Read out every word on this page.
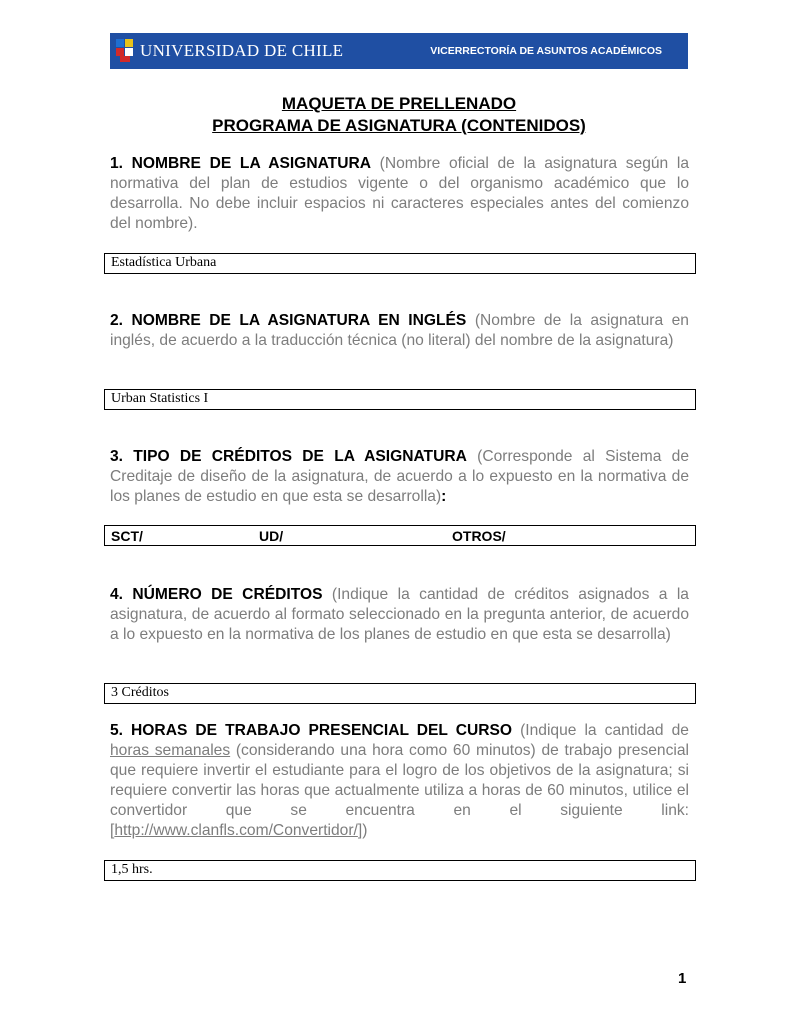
UNIVERSIDAD DE CHILE	VICERRECTORÍA DE ASUNTOS ACADÉMICOS
MAQUETA DE PRELLENADO
PROGRAMA DE ASIGNATURA (CONTENIDOS)
1. NOMBRE DE LA ASIGNATURA (Nombre oficial de la asignatura según la normativa del plan de estudios vigente o del organismo académico que lo desarrolla. No debe incluir espacios ni caracteres especiales antes del comienzo del nombre).
Estadística Urbana
2. NOMBRE DE LA ASIGNATURA EN INGLÉS (Nombre de la asignatura en inglés, de acuerdo a la traducción técnica (no literal) del nombre de la asignatura)
Urban Statistics I
3. TIPO DE CRÉDITOS DE LA ASIGNATURA (Corresponde al Sistema de Creditaje de diseño de la asignatura, de acuerdo a lo expuesto en la normativa de los planes de estudio en que esta se desarrolla):
SCT/	UD/	OTROS/
4. NÚMERO DE CRÉDITOS (Indique la cantidad de créditos asignados a la asignatura, de acuerdo al formato seleccionado en la pregunta anterior, de acuerdo a lo expuesto en la normativa de los planes de estudio en que esta se desarrolla)
3 Créditos
5. HORAS DE TRABAJO PRESENCIAL DEL CURSO (Indique la cantidad de horas semanales (considerando una hora como 60 minutos) de trabajo presencial que requiere invertir el estudiante para el logro de los objetivos de la asignatura; si requiere convertir las horas que actualmente utiliza a horas de 60 minutos, utilice el convertidor que se encuentra en el siguiente link: [http://www.clanfls.com/Convertidor/])
1,5 hrs.
1
